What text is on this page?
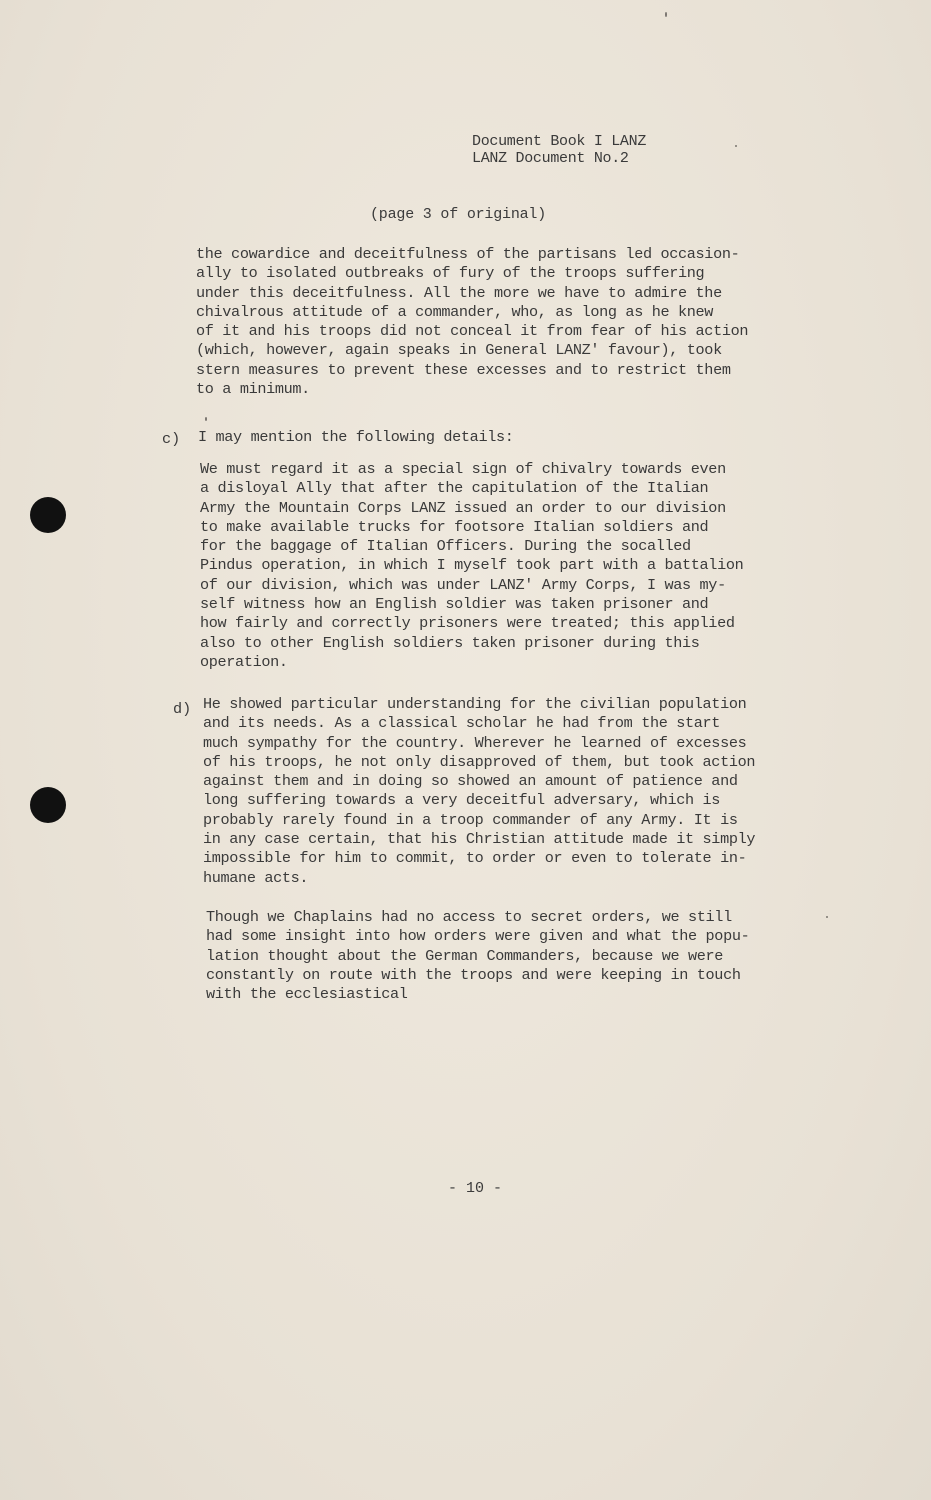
Document Book I LANZ
LANZ Document No.2
(page 3 of original)
the cowardice and deceitfulness of the partisans led occasion-
ally to isolated outbreaks of fury of the troops suffering
under this deceitfulness. All the more we have to admire the
chivalrous attitude of a commander, who, as long as he knew
of it and his troops did not conceal it from fear of his action
(which, however, again speaks in General LANZ' favour), took
stern measures to prevent these excesses and to restrict them
to a minimum.
c) I may mention the following details:
We must regard it as a special sign of chivalry towards even
a disloyal Ally that after the capitulation of the Italian
Army the Mountain Corps LANZ issued an order to our division
to make available trucks for footsore Italian soldiers and
for the baggage of Italian Officers. During the socalled
Pindus operation, in which I myself took part with a battalion
of our division, which was under LANZ' Army Corps, I was my-
self witness how an English soldier was taken prisoner and
how fairly and correctly prisoners were treated; this applied
also to other English soldiers taken prisoner during this
operation.
d) He showed particular understanding for the civilian population
and its needs. As a classical scholar he had from the start
much sympathy for the country. Wherever he learned of excesses
of his troops, he not only disapproved of them, but took action
against them and in doing so showed an amount of patience and
long suffering towards a very deceitful adversary, which is
probably rarely found in a troop commander of any Army. It is
in any case certain, that his Christian attitude made it simply
impossible for him to commit, to order or even to tolerate in-
humane acts.
Though we Chaplains had no access to secret orders, we still
had some insight into how orders were given and what the popu-
lation thought about the German Commanders, because we were
constantly on route with the troops and were keeping in touch
with the ecclesiastical
- 10 -
